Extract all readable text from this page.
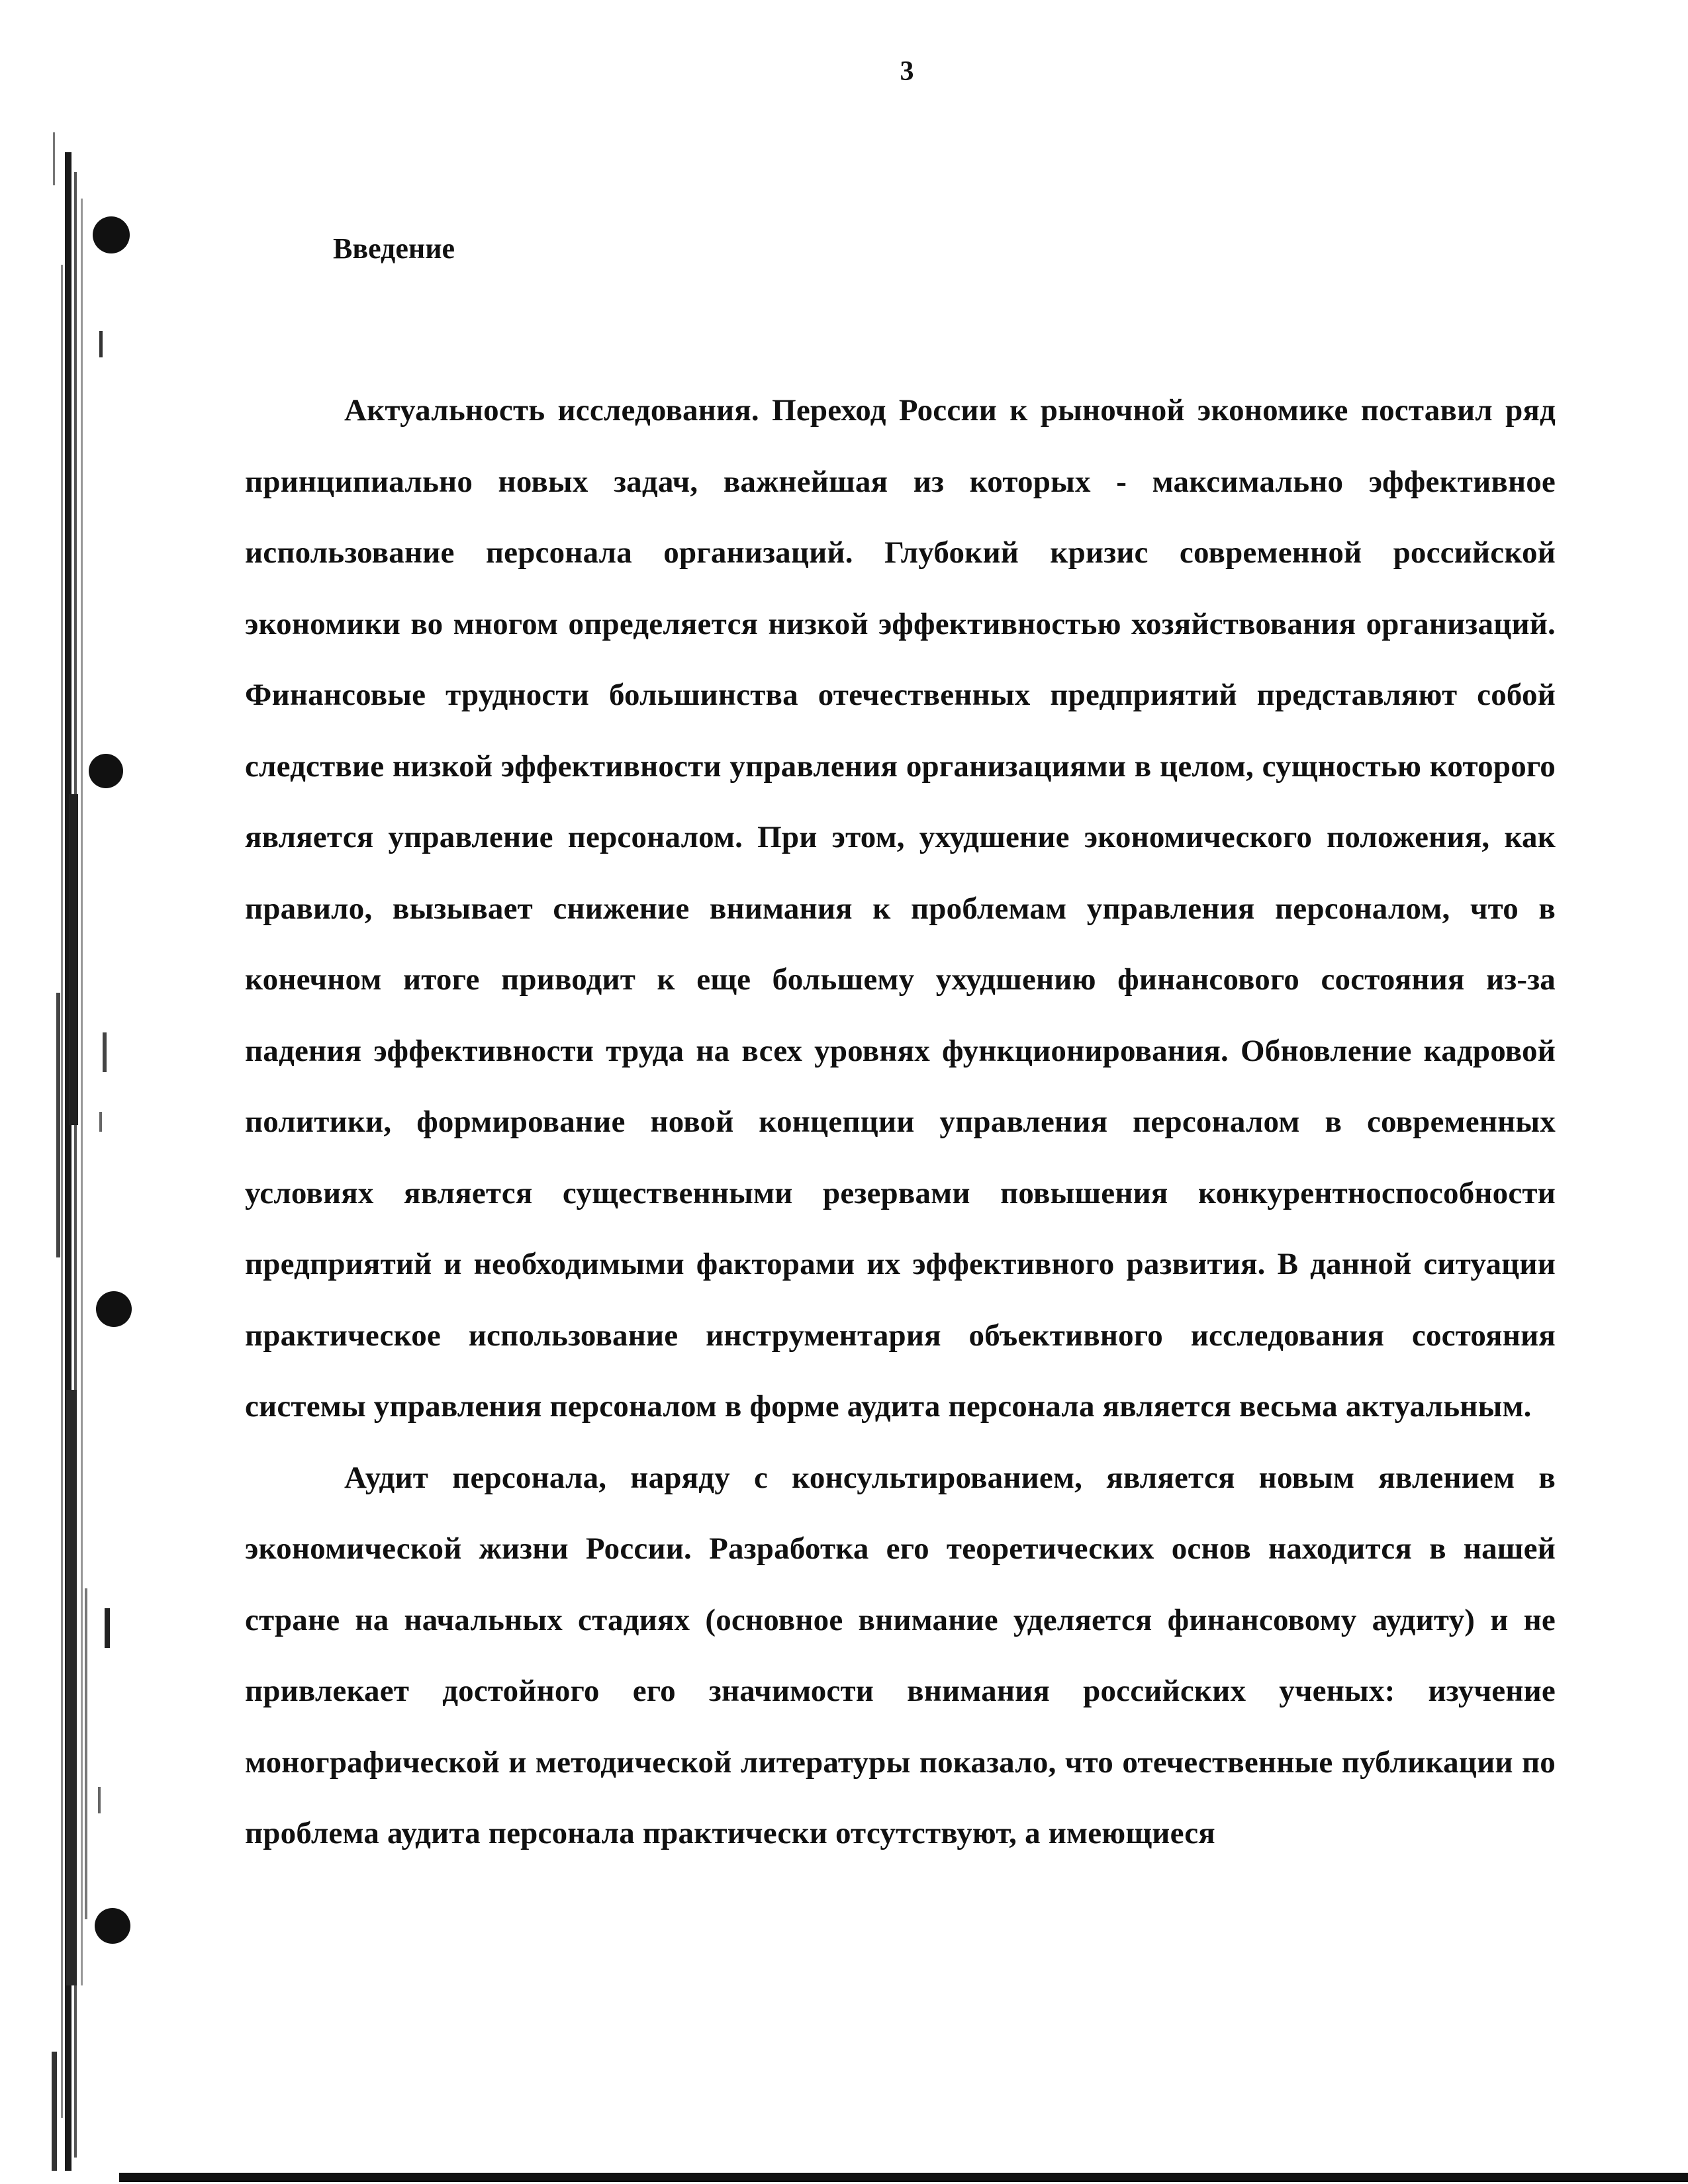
3
Введение

Актуальность исследования. Переход России к рыночной экономике поставил ряд принципиально новых задач, важнейшая из которых - максимально эффективное использование персонала организаций. Глубокий кризис современной российской экономики во многом определяется низкой эффективностью хозяйствования организаций. Финансовые трудности большинства отечественных предприятий представляют собой следствие низкой эффективности управления организациями в целом, сущностью которого является управление персоналом. При этом, ухудшение экономического положения, как правило, вызывает снижение внимания к проблемам управления персоналом, что в конечном итоге приводит к еще большему ухудшению финансового состояния из-за падения эффективности труда на всех уровнях функционирования. Обновление кадровой политики, формирование новой концепции управления персоналом в современных условиях является существенными резервами повышения конкурентноспособности предприятий и необходимыми факторами их эффективного развития. В данной ситуации практическое использование инструментария объективного исследования состояния системы управления персоналом в форме аудита персонала является весьма актуальным.

Аудит персонала, наряду с консультированием, является новым явлением в экономической жизни России. Разработка его теоретических основ находится в нашей стране на начальных стадиях (основное внимание уделяется финансовому аудиту) и не привлекает достойного его значимости внимания российских ученых: изучение монографической и методической литературы показало, что отечественные публикации по проблема аудита персонала практически отсутствуют, а имеющиеся
